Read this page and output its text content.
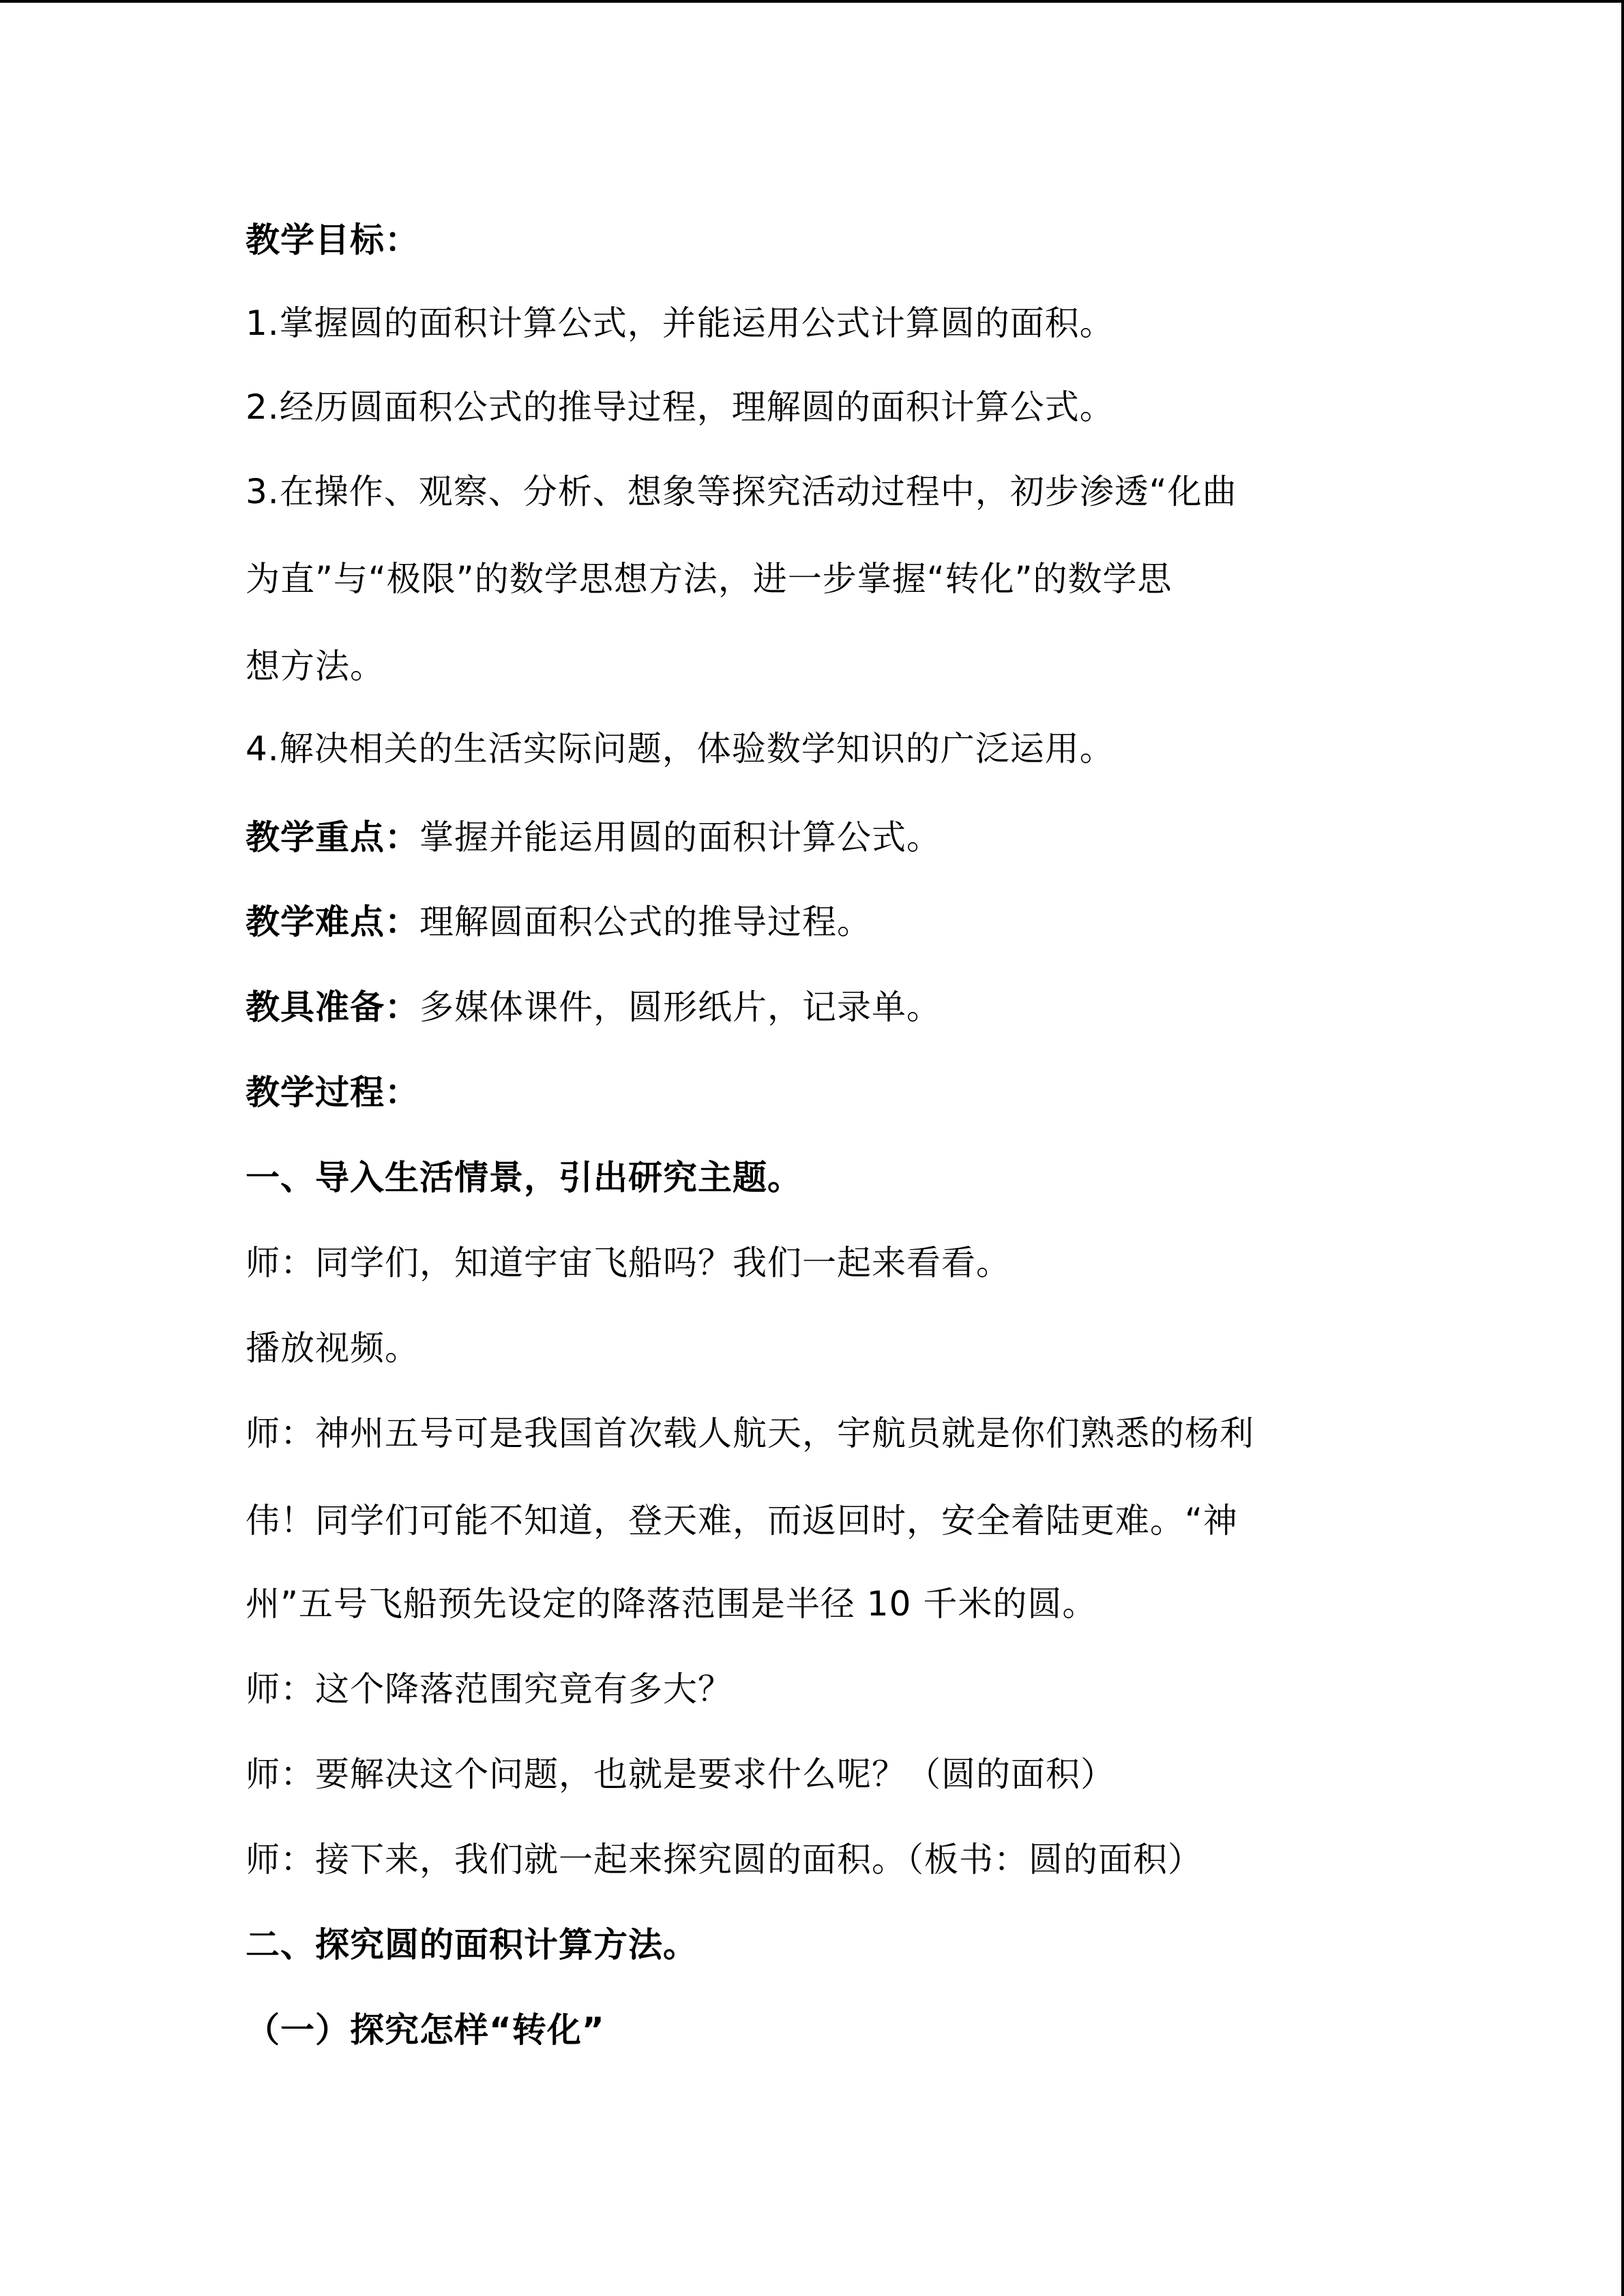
教学目标：
1.掌握圆的面积计算公式，并能运用公式计算圆的面积。
2.经历圆面积公式的推导过程，理解圆的面积计算公式。
3.在操作、观察、分析、想象等探究活动过程中，初步渗透“化曲
为直”与“极限”的数学思想方法，进一步掌握“转化”的数学思
想方法。
4.解决相关的生活实际问题，体验数学知识的广泛运用。
教学重点：掌握并能运用圆的面积计算公式。
教学难点：理解圆面积公式的推导过程。
教具准备：多媒体课件，圆形纸片，记录单。
教学过程：
一、导入生活情景，引出研究主题。
师：同学们，知道宇宙飞船吗？我们一起来看看。
播放视频。
师：神州五号可是我国首次载人航天，宇航员就是你们熟悉的杨利
伟！同学们可能不知道，登天难，而返回时，安全着陆更难。“神
州”五号飞船预先设定的降落范围是半径 10 千米的圆。
师：这个降落范围究竟有多大？
师：要解决这个问题，也就是要求什么呢？（圆的面积）
师：接下来，我们就一起来探究圆的面积。（板书：圆的面积）
二、探究圆的面积计算方法。
（一）探究怎样“转化”
